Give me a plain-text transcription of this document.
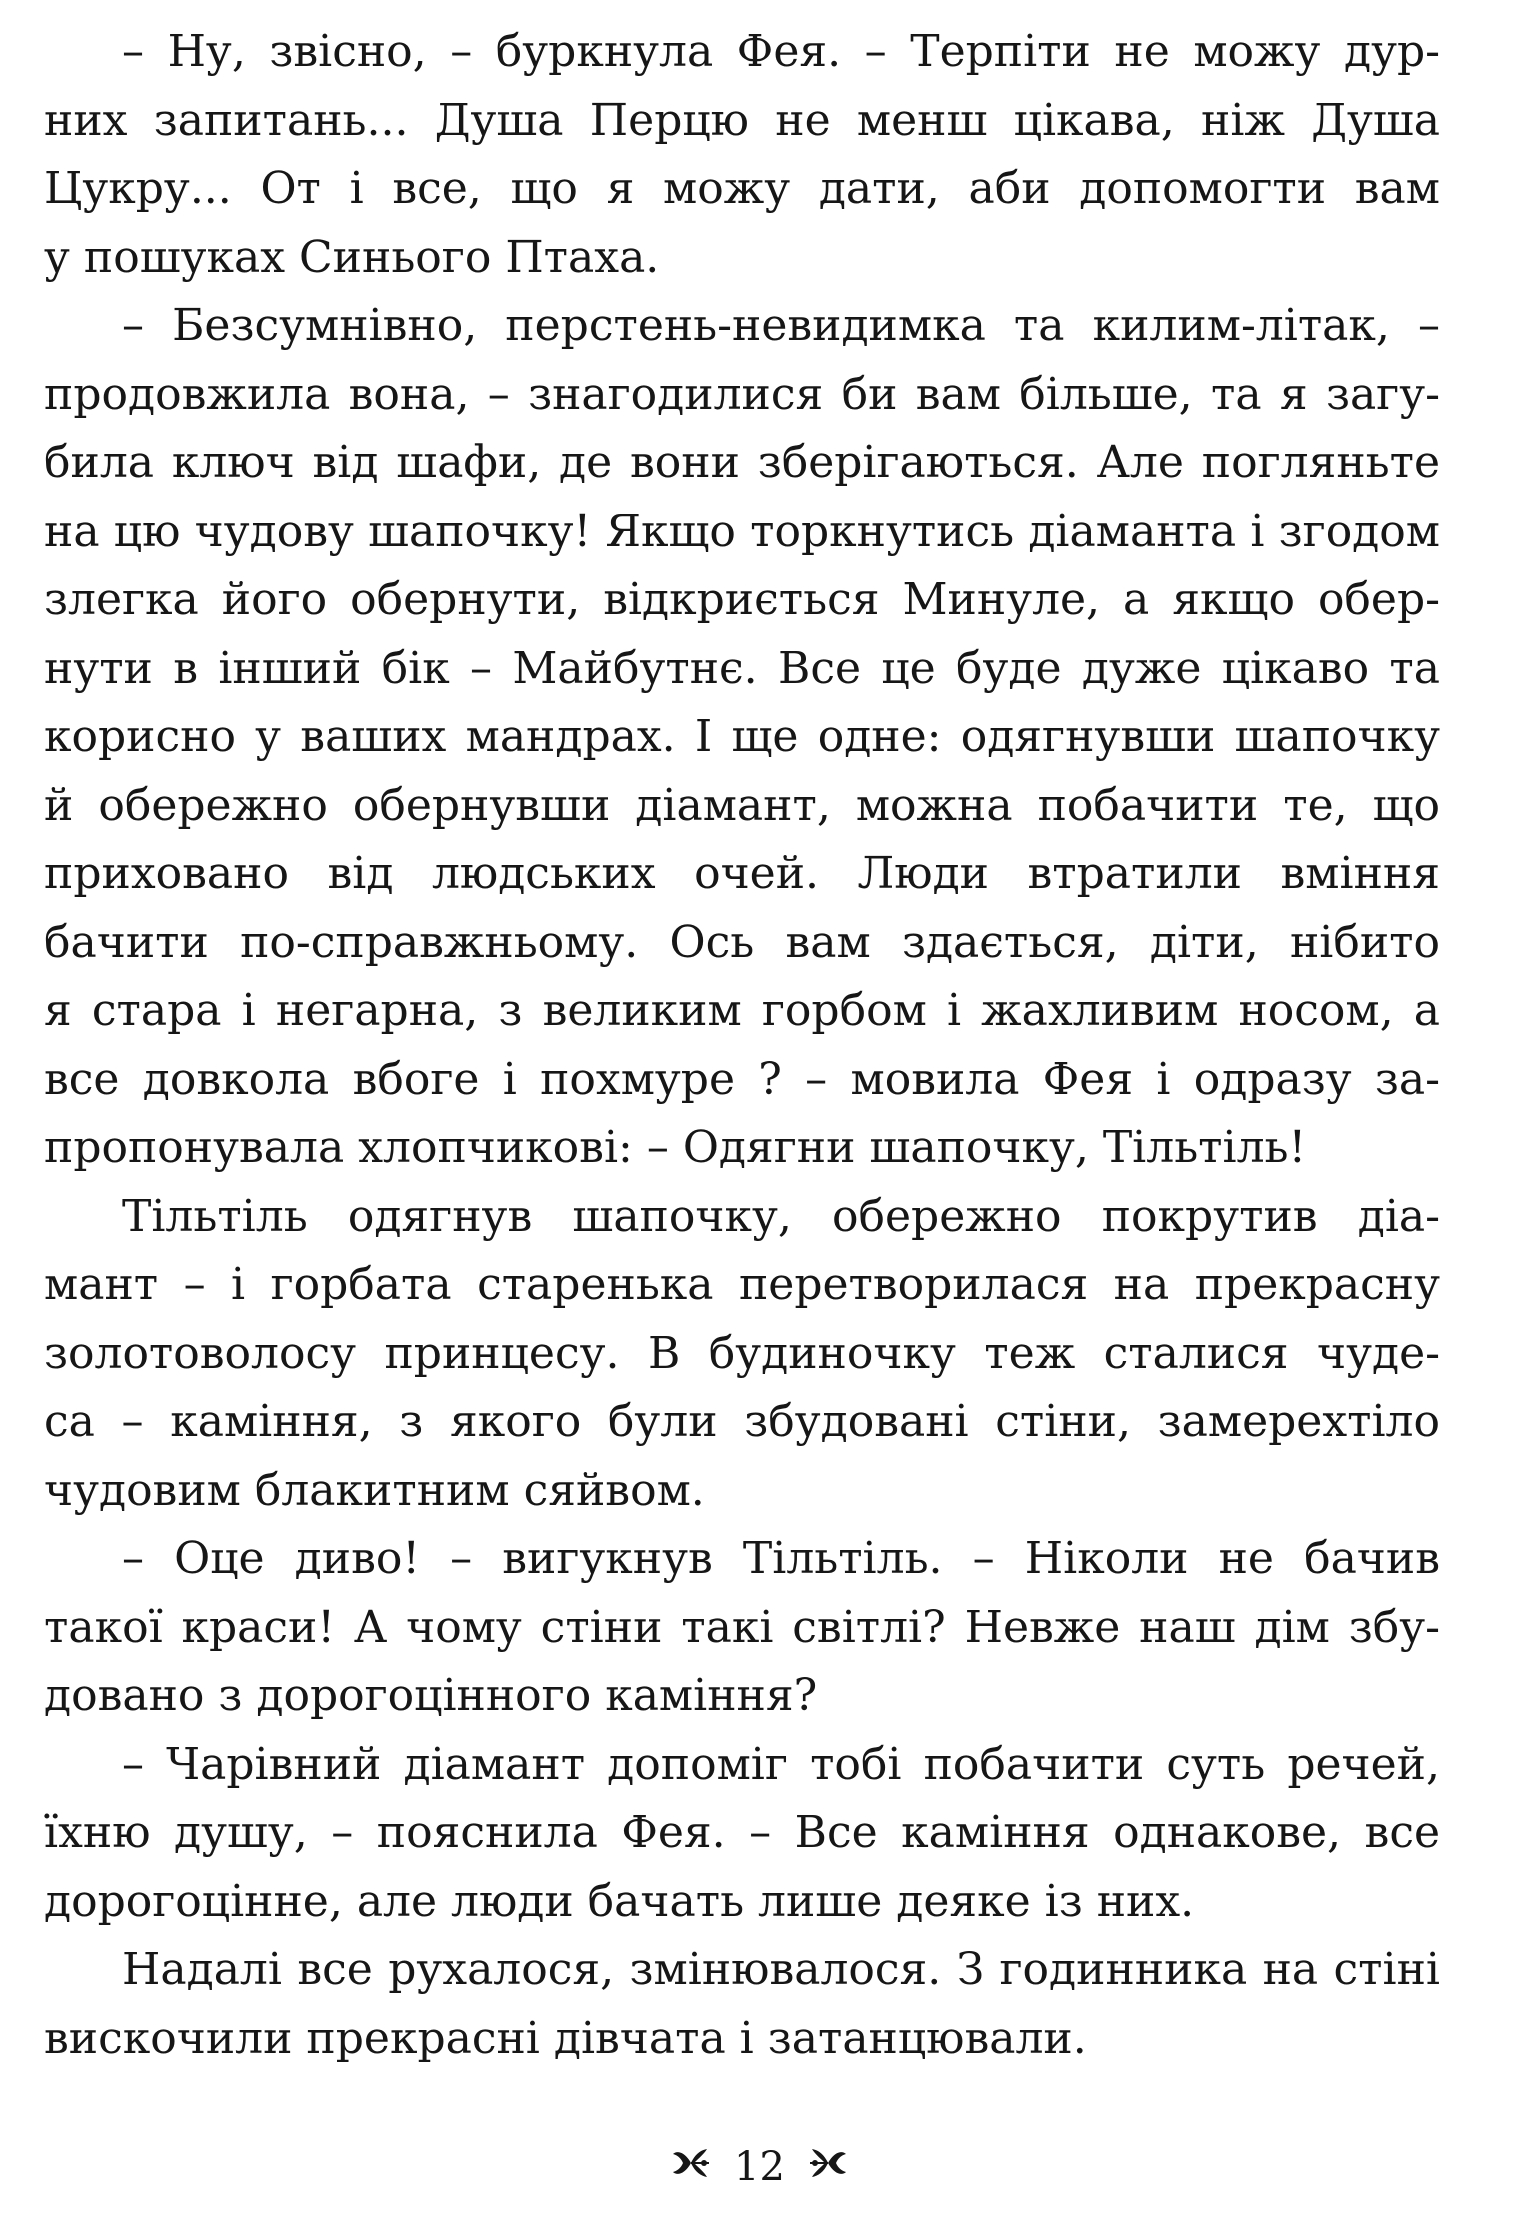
– Ну, звісно, – буркнула Фея. – Терпіти не можу дур-
них запитань... Душа Перцю не менш цікава, ніж Душа
Цукру... От і все, що я можу дати, аби допомогти вам
у пошуках Синього Птаха.
– Безсумнівно, перстень-невидимка та килим-літак, –
продовжила вона, – знагодилися би вам більше, та я загу-
била ключ від шафи, де вони зберігаються. Але погляньте
на цю чудову шапочку! Якщо торкнутись діаманта і згодом
злегка його обернути, відкриється Минуле, а якщо обер-
нути в інший бік – Майбутнє. Все це буде дуже цікаво та
корисно у ваших мандрах. І ще одне: одягнувши шапочку
й обережно обернувши діамант, можна побачити те, що
приховано від людських очей. Люди втратили вміння
бачити по-справжньому. Ось вам здається, діти, нібито
я стара і негарна, з великим горбом і жахливим носом, а
все довкола вбоге і похмуре ? – мовила Фея і одразу за-
пропонувала хлопчикові: – Одягни шапочку, Тільтіль!
Тільтіль одягнув шапочку, обережно покрутив діа-
мант – і горбата старенька перетворилася на прекрасну
золотоволосу принцесу. В будиночку теж сталися чуде-
са – каміння, з якого були збудовані стіни, замерехтіло
чудовим блакитним сяйвом.
– Оце диво! – вигукнув Тільтіль. – Ніколи не бачив
такої краси! А чому стіни такі світлі? Невже наш дім збу-
довано з дорогоцінного каміння?
– Чарівний діамант допоміг тобі побачити суть речей,
їхню душу, – пояснила Фея. – Все каміння однакове, все
дорогоцінне, але люди бачать лише деяке із них.
Надалі все рухалося, змінювалося. З годинника на стіні
вискочили прекрасні дівчата і затанцювали.
12
